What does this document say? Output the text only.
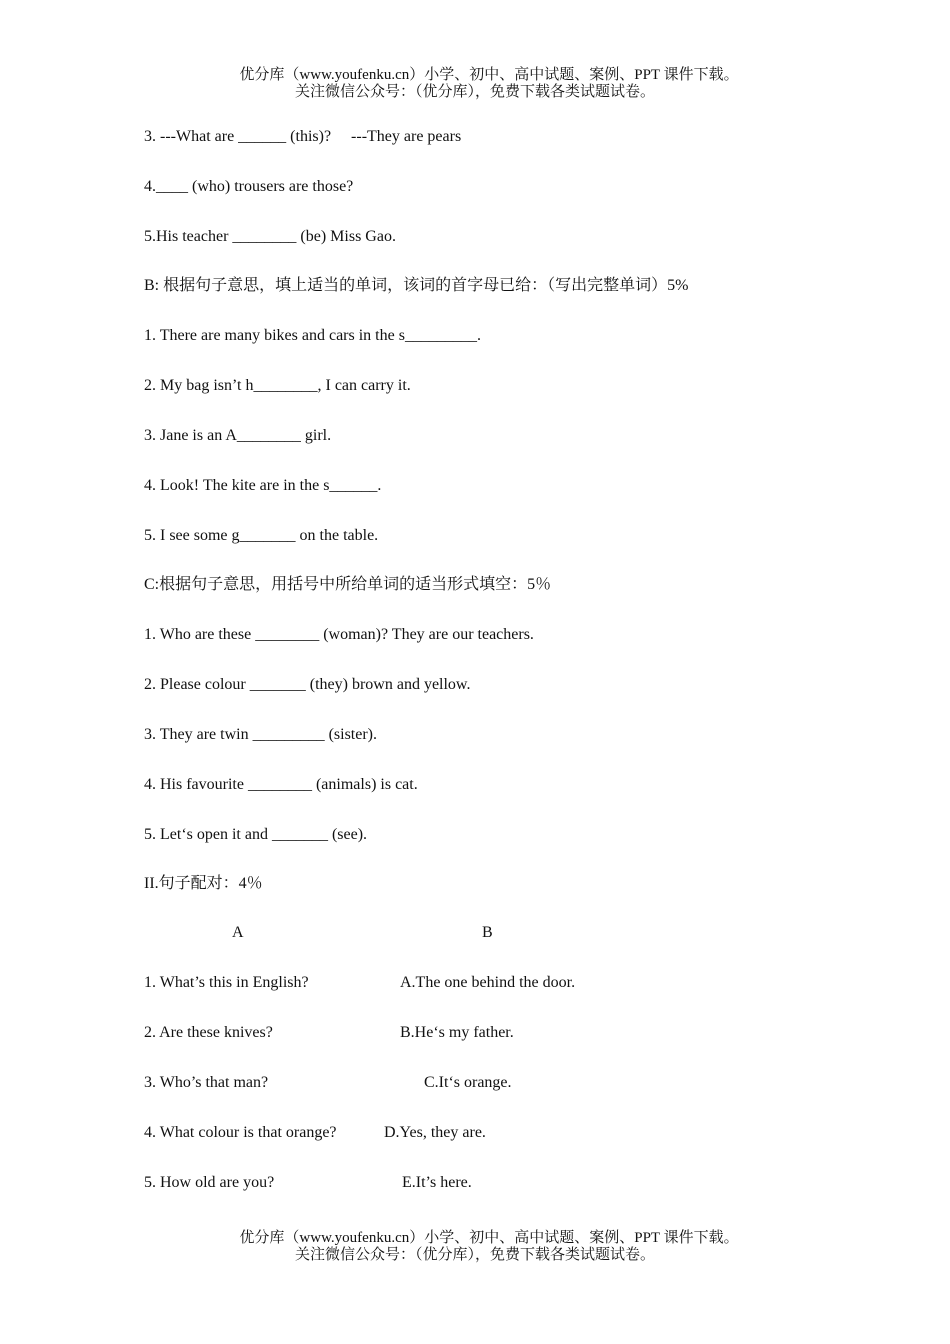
优分库（www.youfenku.cn）小学、初中、高中试题、案例、PPT 课件下载。
关注微信公众号：（优分库），免费下载各类试题试卷。
3. ---What are ______ (this)?     ---They are pears
4.____ (who) trousers are those?
5.His teacher ________ (be) Miss Gao.
B: 根据句子意思，填上适当的单词，该词的首字母已给：（写出完整单词）5%
1. There are many bikes and cars in the s_________.
2. My bag isn’t h________, I can carry it.
3. Jane is an A________ girl.
4. Look! The kite are in the s______.
5. I see some g_______ on the table.
C:根据句子意思，用括号中所给单词的适当形式填空：5％
1. Who are these ________ (woman)? They are our teachers.
2. Please colour _______ (they) brown and yellow.
3. They are twin _________ (sister).
4. His favourite ________ (animals) is cat.
5. Let‘s open it and _______ (see).
II.句子配对：4％
A	B
1. What’s this in English?	A.The one behind the door.
2. Are these knives?	B.He‘s my father.
3. Who’s that man?	C.It‘s orange.
4. What colour is that orange?	D.Yes, they are.
5. How old are you?	E.It’s here.
优分库（www.youfenku.cn）小学、初中、高中试题、案例、PPT 课件下载。
关注微信公众号：（优分库），免费下载各类试题试卷。
